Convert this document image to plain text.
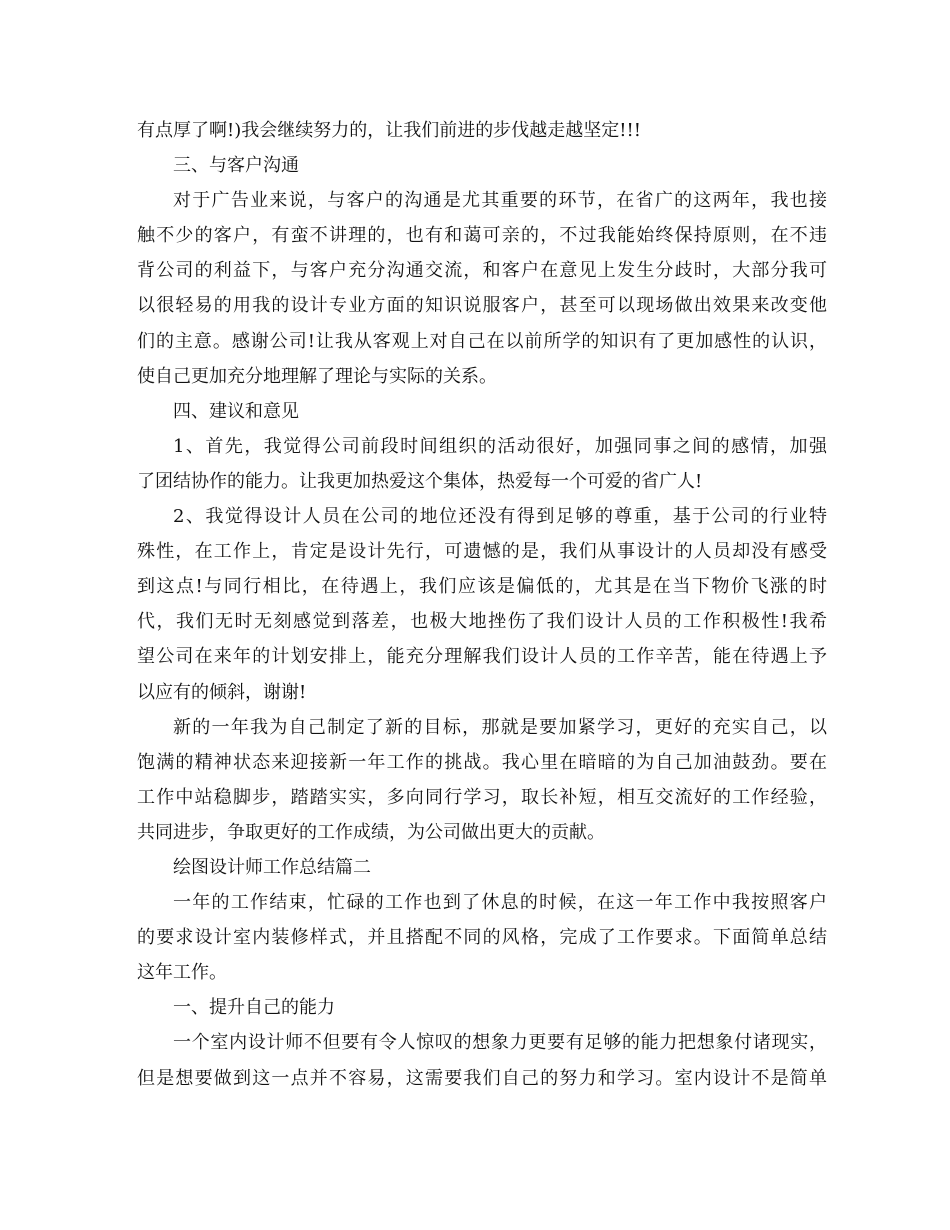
有点厚了啊!)我会继续努力的，让我们前进的步伐越走越坚定!!!
三、与客户沟通
对于广告业来说，与客户的沟通是尤其重要的环节，在省广的这两年，我也接
触不少的客户，有蛮不讲理的，也有和蔼可亲的，不过我能始终保持原则，在不违
背公司的利益下，与客户充分沟通交流，和客户在意见上发生分歧时，大部分我可
以很轻易的用我的设计专业方面的知识说服客户，甚至可以现场做出效果来改变他
们的主意。感谢公司!让我从客观上对自己在以前所学的知识有了更加感性的认识，
使自己更加充分地理解了理论与实际的关系。
四、建议和意见
1、首先，我觉得公司前段时间组织的活动很好，加强同事之间的感情，加强
了团结协作的能力。让我更加热爱这个集体，热爱每一个可爱的省广人!
2、我觉得设计人员在公司的地位还没有得到足够的尊重，基于公司的行业特
殊性，在工作上，肯定是设计先行，可遗憾的是，我们从事设计的人员却没有感受
到这点!与同行相比，在待遇上，我们应该是偏低的，尤其是在当下物价飞涨的时
代，我们无时无刻感觉到落差，也极大地挫伤了我们设计人员的工作积极性!我希
望公司在来年的计划安排上，能充分理解我们设计人员的工作辛苦，能在待遇上予
以应有的倾斜，谢谢!
新的一年我为自己制定了新的目标，那就是要加紧学习，更好的充实自己，以
饱满的精神状态来迎接新一年工作的挑战。我心里在暗暗的为自己加油鼓劲。要在
工作中站稳脚步，踏踏实实，多向同行学习，取长补短，相互交流好的工作经验，
共同进步，争取更好的工作成绩，为公司做出更大的贡献。
绘图设计师工作总结篇二
一年的工作结束，忙碌的工作也到了休息的时候，在这一年工作中我按照客户
的要求设计室内装修样式，并且搭配不同的风格，完成了工作要求。下面简单总结
这年工作。
一、提升自己的能力
一个室内设计师不但要有令人惊叹的想象力更要有足够的能力把想象付诸现实，
但是想要做到这一点并不容易，这需要我们自己的努力和学习。室内设计不是简单
